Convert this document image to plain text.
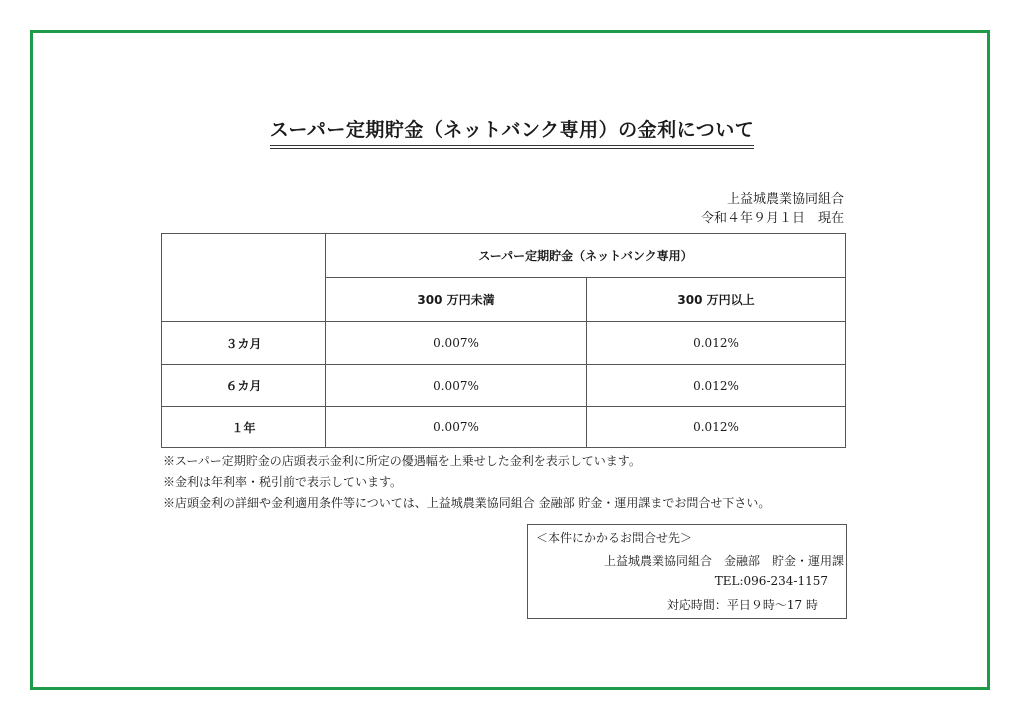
スーパー定期貯金（ネットバンク専用）の金利について
上益城農業協同組合
令和４年９月１日　現在
	スーパー定期貯金（ネットバンク専用）	
	300 万円未満	300 万円以上
３カ月	0.007%	0.012%
６カ月	0.007%	0.012%
１年	0.007%	0.012%
※スーパー定期貯金の店頭表示金利に所定の優遇幅を上乗せした金利を表示しています。
※金利は年利率・税引前で表示しています。
※店頭金利の詳細や金利適用条件等については、上益城農業協同組合 金融部 貯金・運用課までお問合せ下さい。
＜本件にかかるお問合せ先＞
上益城農業協同組合　金融部　貯金・運用課
TEL:096-234-1157
対応時間：平日９時～17 時
